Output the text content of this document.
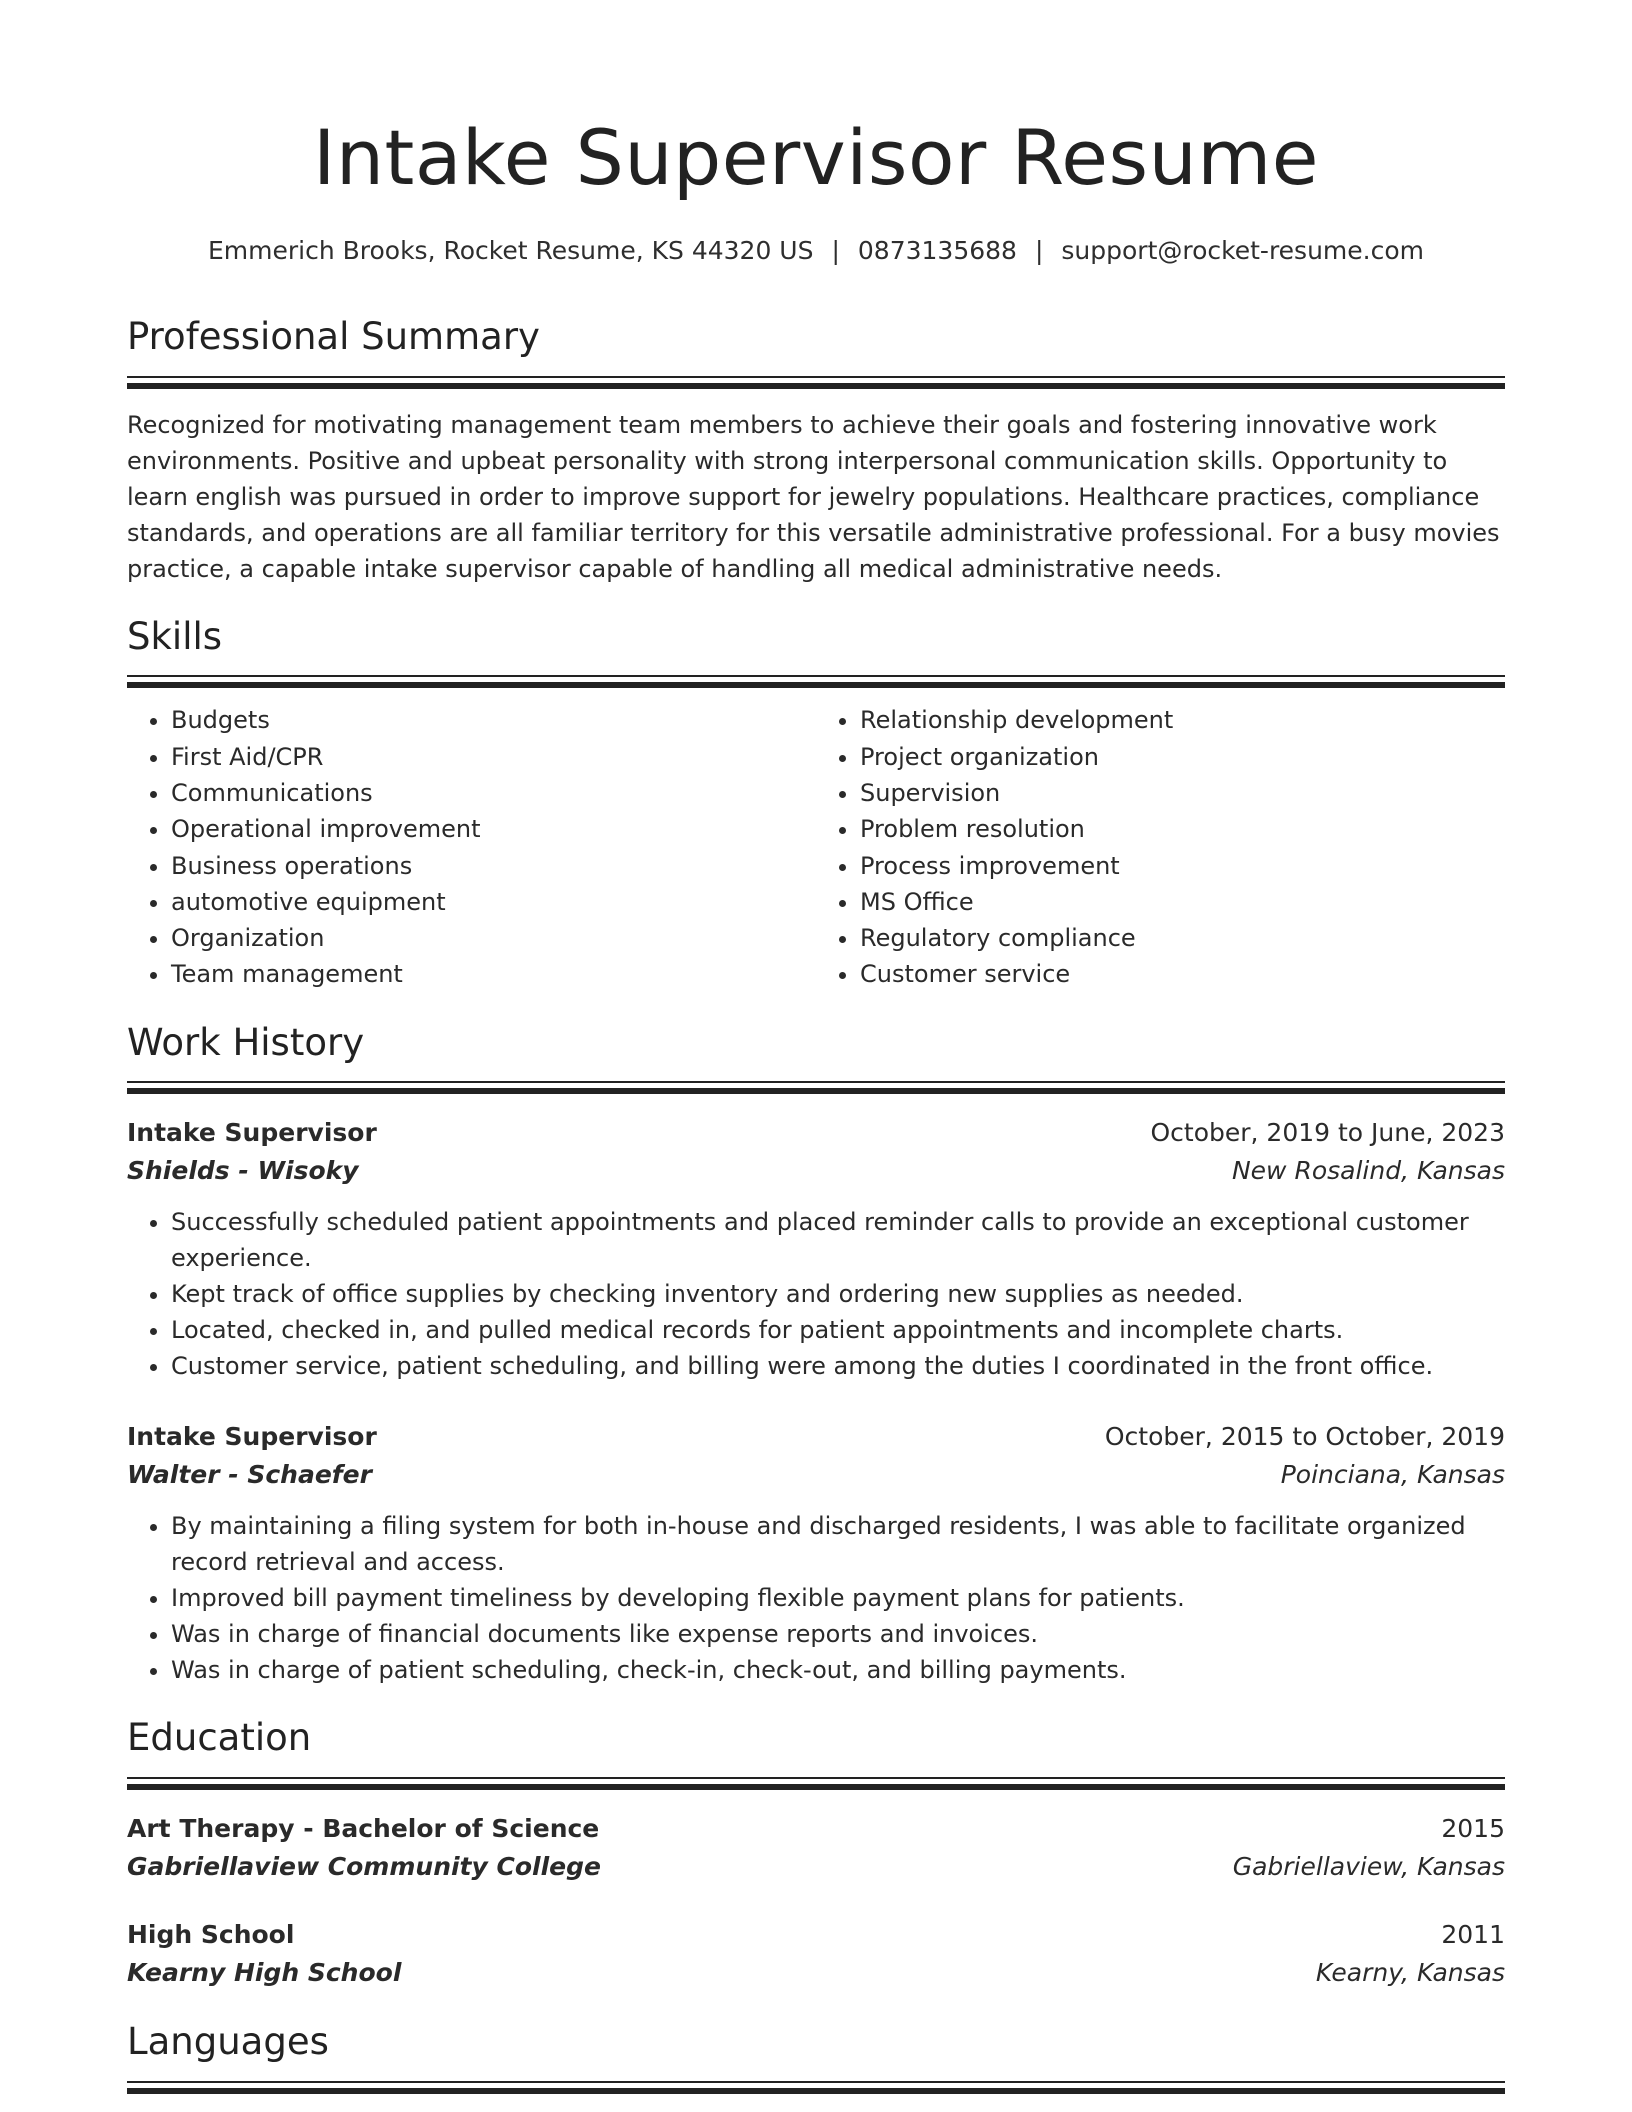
Intake Supervisor Resume
Emmerich Brooks, Rocket Resume, KS 44320 US | 0873135688 | support@rocket-resume.com
Professional Summary

Recognized for motivating management team members to achieve their goals and fostering innovative work environments. Positive and upbeat personality with strong interpersonal communication skills. Opportunity to learn english was pursued in order to improve support for jewelry populations. Healthcare practices, compliance standards, and operations are all familiar territory for this versatile administrative professional. For a busy movies practice, a capable intake supervisor capable of handling all medical administrative needs.

Skills
• Budgets
• First Aid/CPR
• Communications
• Operational improvement
• Business operations
• automotive equipment
• Organization
• Team management
• Relationship development
• Project organization
• Supervision
• Problem resolution
• Process improvement
• MS Office
• Regulatory compliance
• Customer service
Work History
Intake Supervisor	October, 2019 to June, 2023
Shields - Wisoky	New Rosalind, Kansas
• Successfully scheduled patient appointments and placed reminder calls to provide an exceptional customer experience.
• Kept track of office supplies by checking inventory and ordering new supplies as needed.
• Located, checked in, and pulled medical records for patient appointments and incomplete charts.
• Customer service, patient scheduling, and billing were among the duties I coordinated in the front office.
Intake Supervisor	October, 2015 to October, 2019
Walter - Schaefer	Poinciana, Kansas
• By maintaining a filing system for both in-house and discharged residents, I was able to facilitate organized record retrieval and access.
• Improved bill payment timeliness by developing flexible payment plans for patients.
• Was in charge of financial documents like expense reports and invoices.
• Was in charge of patient scheduling, check-in, check-out, and billing payments.
Education
Art Therapy - Bachelor of Science	2015
Gabriellaview Community College	Gabriellaview, Kansas
High School	2011
Kearny High School	Kearny, Kansas
Languages
